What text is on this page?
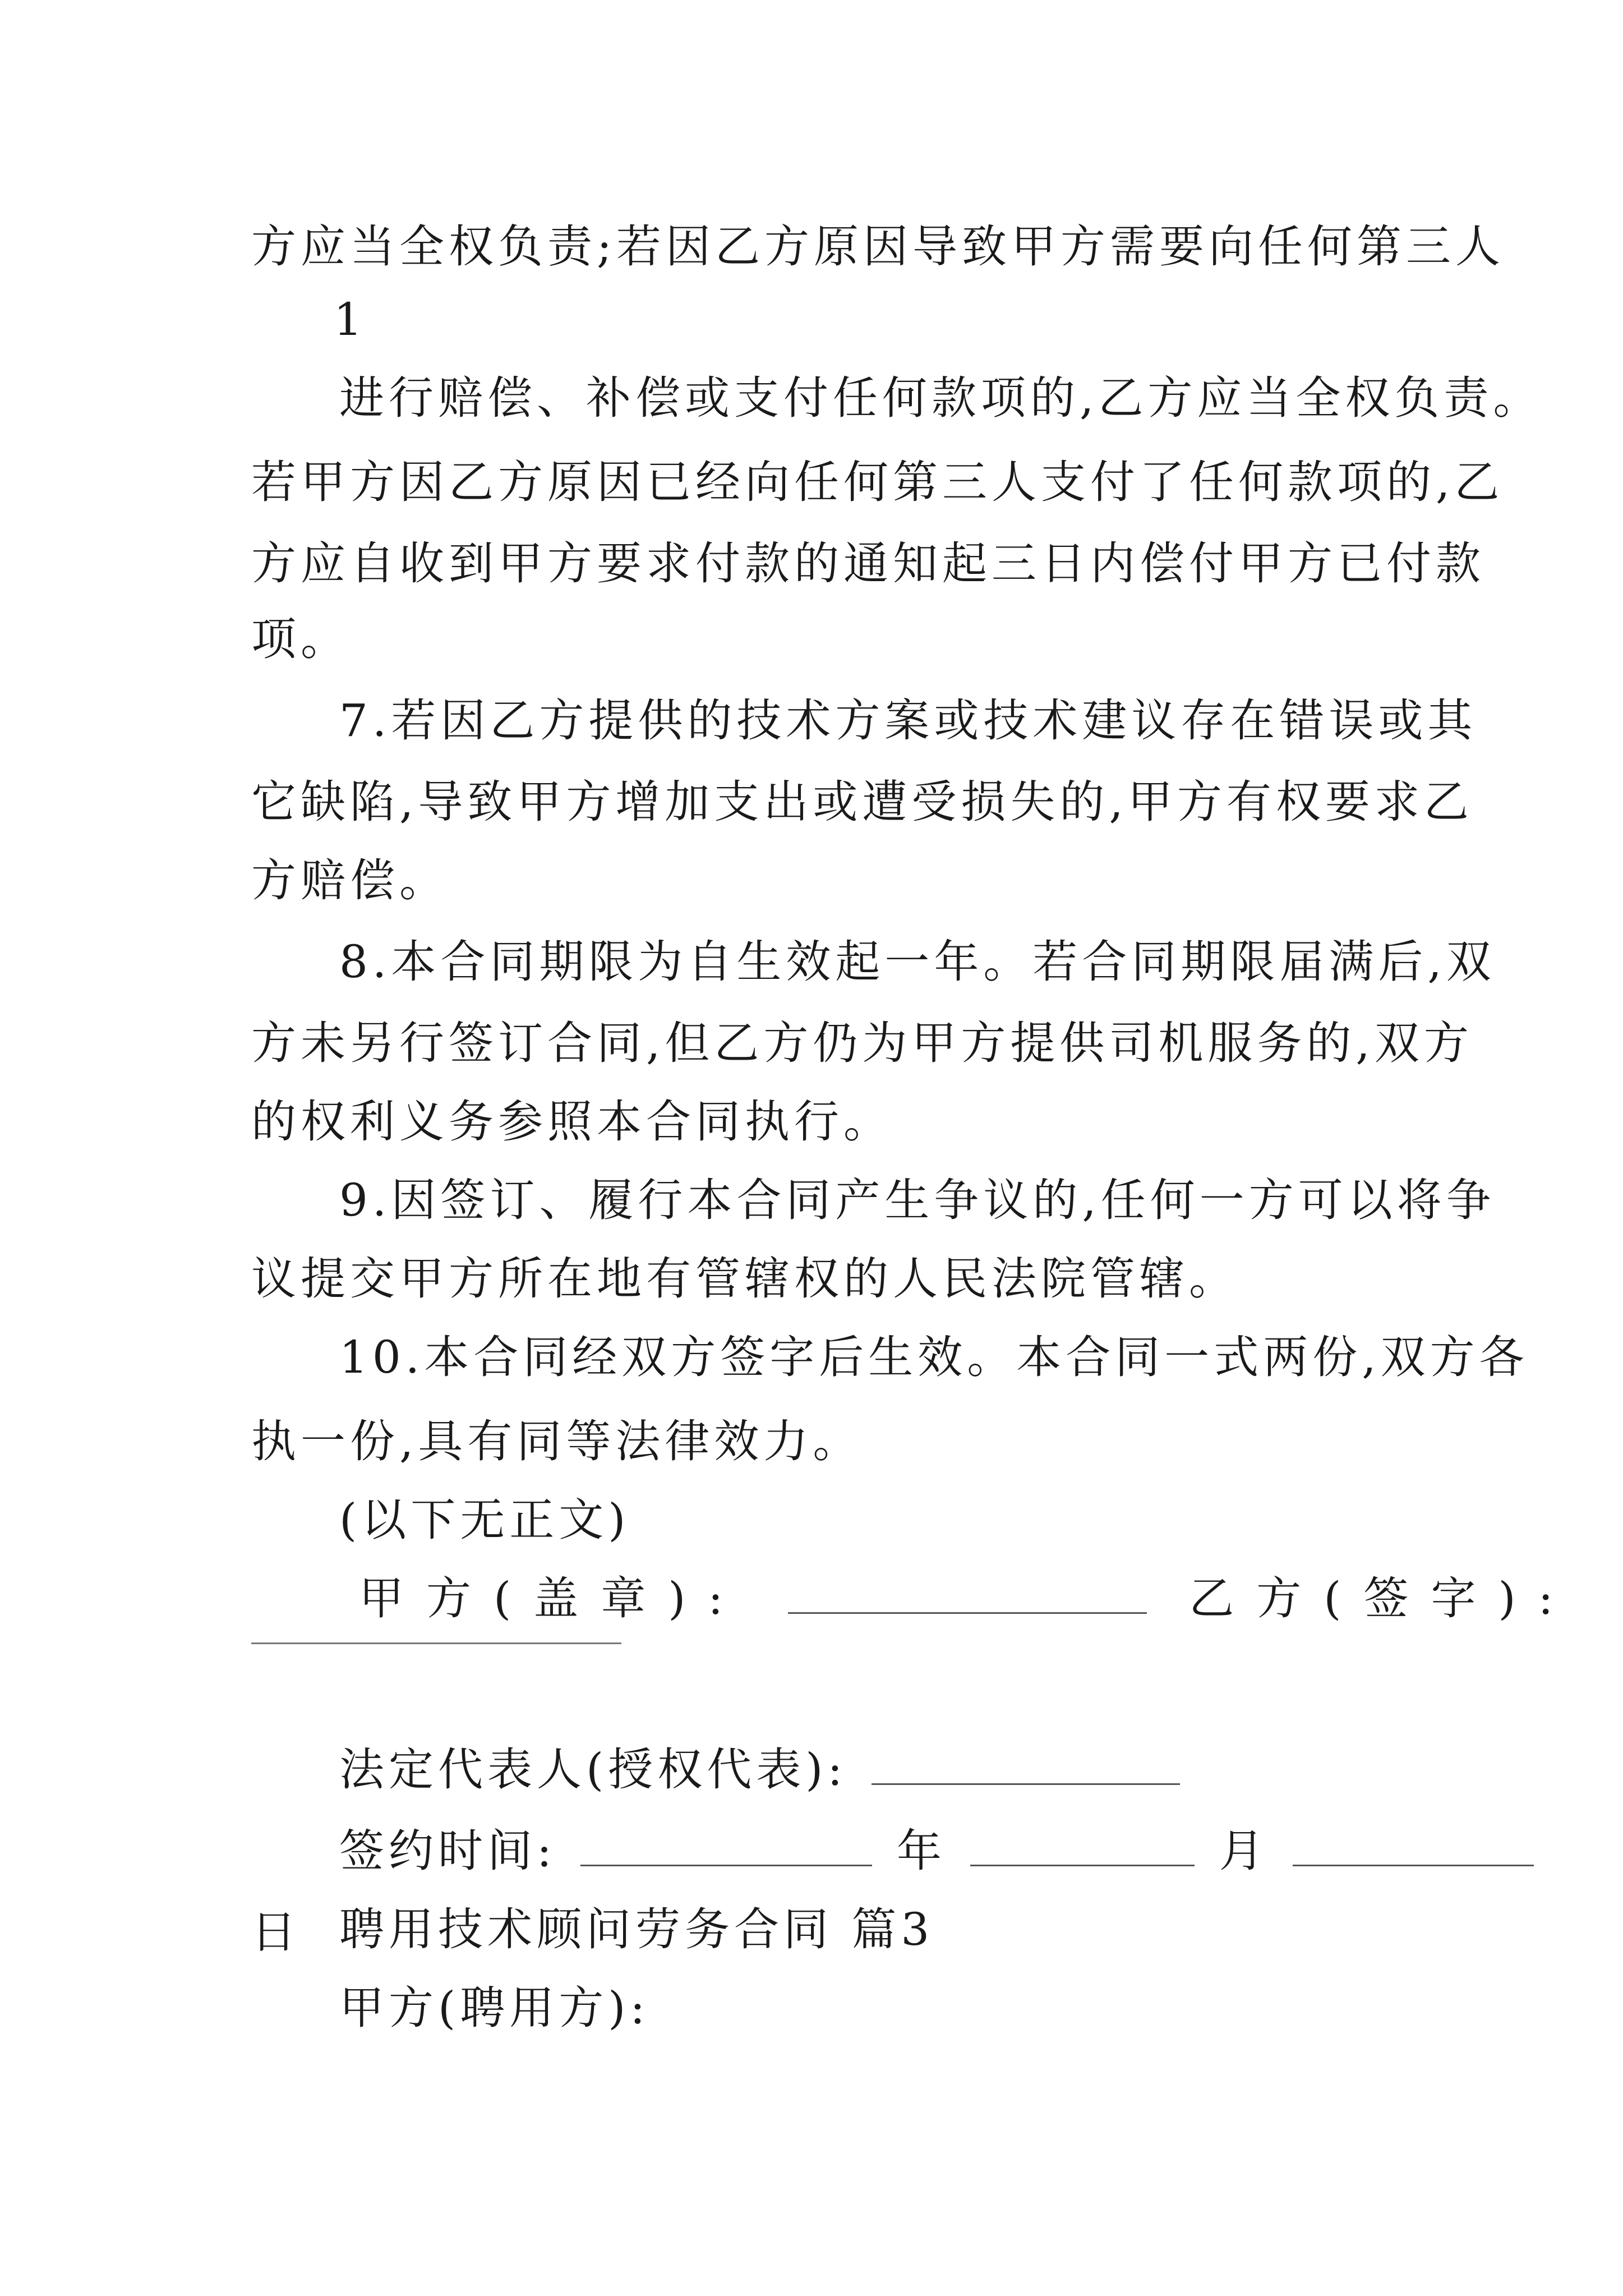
方应当全权负责;若因乙方原因导致甲方需要向任何第三人
1
进行赔偿、补偿或支付任何款项的,乙方应当全权负责。
若甲方因乙方原因已经向任何第三人支付了任何款项的,乙
方应自收到甲方要求付款的通知起三日内偿付甲方已付款
项。
7.若因乙方提供的技术方案或技术建议存在错误或其
它缺陷,导致甲方增加支出或遭受损失的,甲方有权要求乙
方赔偿。
8.本合同期限为自生效起一年。若合同期限届满后,双
方未另行签订合同,但乙方仍为甲方提供司机服务的,双方
的权利义务参照本合同执行。
9.因签订、履行本合同产生争议的,任何一方可以将争
议提交甲方所在地有管辖权的人民法院管辖。
10.本合同经双方签字后生效。本合同一式两份,双方各
执一份,具有同等法律效力。
(以下无正文)
甲方(盖章):	乙方(签字):
法定代表人(授权代表):
签约时间:	年	月
日 聘用技术顾问劳务合同 篇3
甲方(聘用方):
